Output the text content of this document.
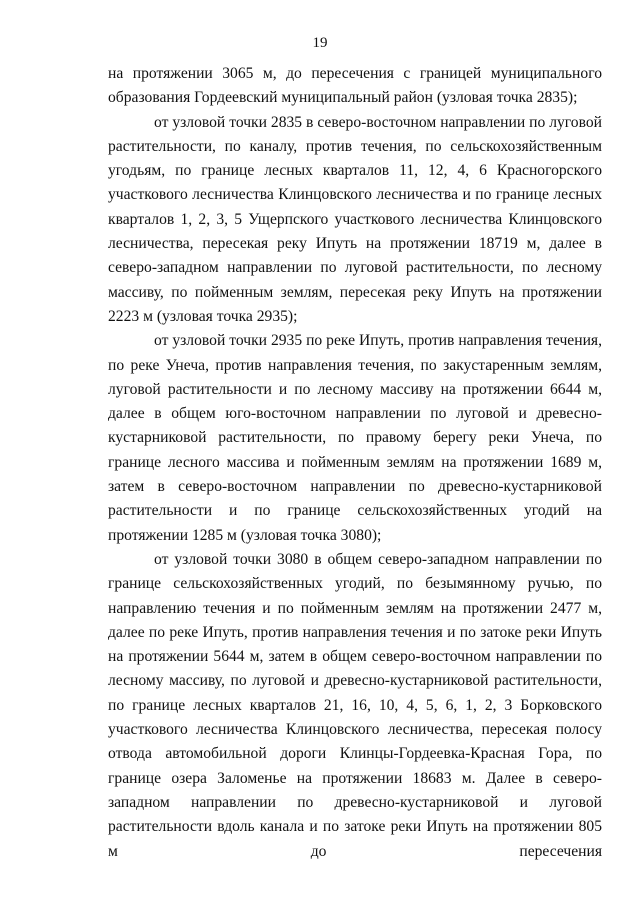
19

на протяжении 3065 м, до пересечения с границей муниципального образования Гордеевский муниципальный район (узловая точка 2835);

от узловой точки 2835 в северо-восточном направлении по луговой растительности, по каналу, против течения, по сельскохозяйственным угодьям, по границе лесных кварталов 11, 12, 4, 6 Красногорского участкового лесничества Клинцовского лесничества и по границе лесных кварталов 1, 2, 3, 5 Ущерпского участкового лесничества Клинцовского лесничества, пересекая реку Ипуть на протяжении 18719 м, далее в северо-западном направлении по луговой растительности, по лесному массиву, по пойменным землям, пересекая реку Ипуть на протяжении 2223 м (узловая точка 2935);

от узловой точки 2935 по реке Ипуть, против направления течения, по реке Унеча, против направления течения, по закустаренным землям, луговой растительности и по лесному массиву на протяжении 6644 м, далее в общем юго-восточном направлении по луговой и древесно-кустарниковой растительности, по правому берегу реки Унеча, по границе лесного массива и пойменным землям на протяжении 1689 м, затем в северо-восточном направлении по древесно-кустарниковой растительности и по границе сельскохозяйственных угодий на протяжении 1285 м (узловая точка 3080);

от узловой точки 3080 в общем северо-западном направлении по границе сельскохозяйственных угодий, по безымянному ручью, по направлению течения и по пойменным землям на протяжении 2477 м, далее по реке Ипуть, против направления течения и по затоке реки Ипуть на протяжении 5644 м, затем в общем северо-восточном направлении по лесному массиву, по луговой и древесно-кустарниковой растительности, по границе лесных кварталов 21, 16, 10, 4, 5, 6, 1, 2, 3 Борковского участкового лесничества Клинцовского лесничества, пересекая полосу отвода автомобильной дороги Клинцы-Гордеевка-Красная Гора, по границе озера Заломенье на протяжении 18683 м. Далее в северо-западном направлении по древесно-кустарниковой и луговой растительности вдоль канала и по затоке реки Ипуть на протяжении 805 м до пересечения
